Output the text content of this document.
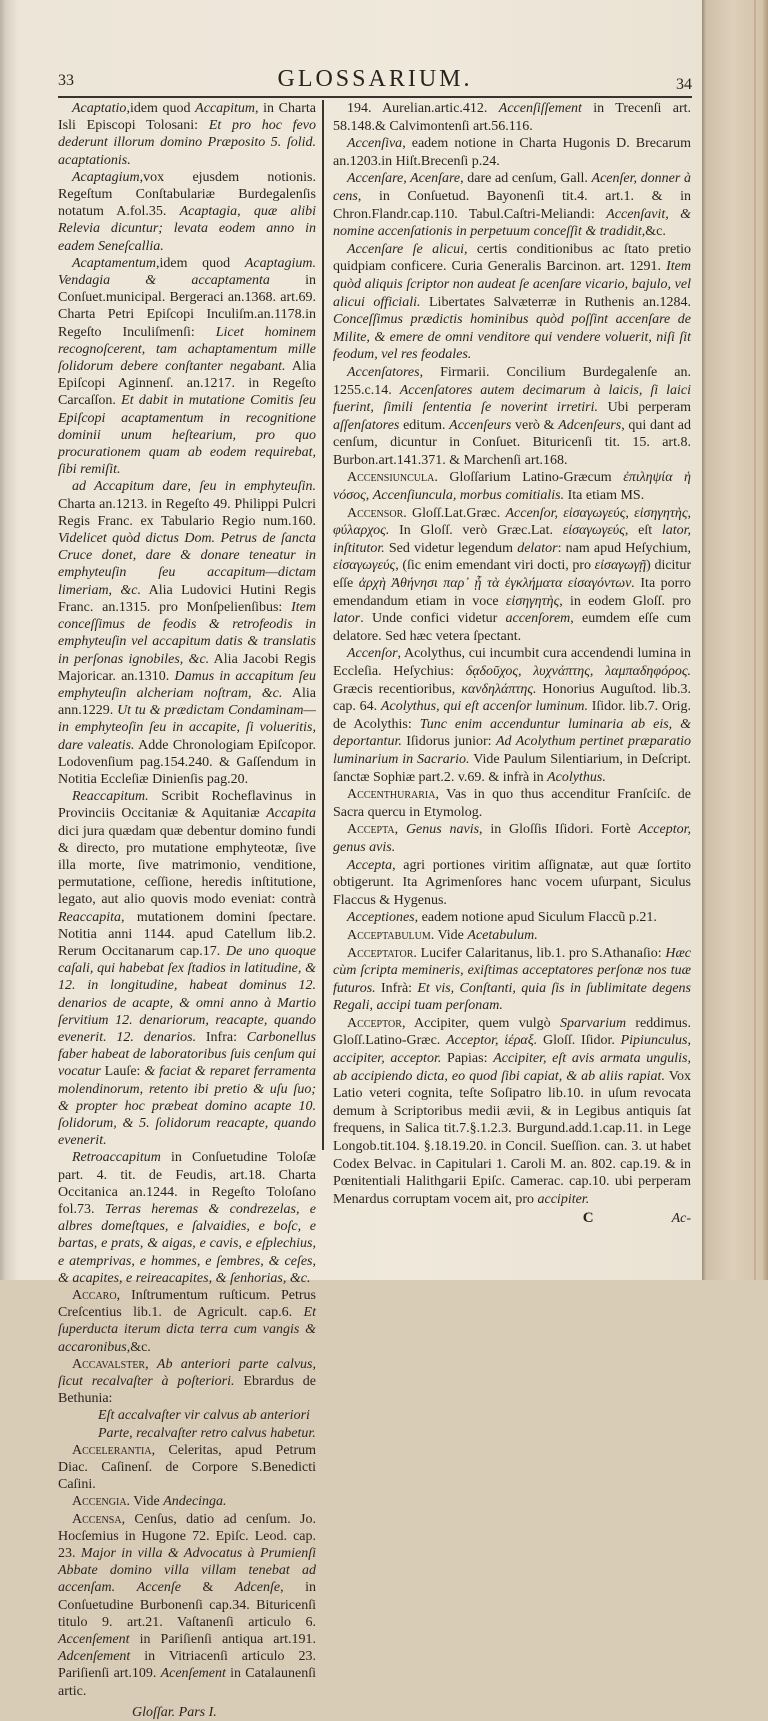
33	GLOSSARIUM.	34

Acaptatio,idem quod Accapitum, in Charta Isli Episcopi Tolosani: Et pro hoc fevo dederunt illorum domino Præposito 5. ſolid. acaptationis.

Acaptagium,vox ejusdem notionis. Regeſtum Conſtabulariæ Burdegalenſis notatum A.fol.35. Acaptagia, quæ alibi Relevia dicuntur; levata eodem anno in eadem Seneſcallia.

Acaptamentum,idem quod Acaptagium. Vendagia & accaptamenta in Conſuet.municipal. Bergeraci an.1368. art.69. Charta Petri Epiſcopi Inculiſm.an.1178.in Regeſto Inculiſmenſi: Licet hominem recognoſcerent, tam achaptamentum mille ſolidorum debere conſtanter negabant. Alia Epiſcopi Aginnenſ. an.1217. in Regeſto Carcaſſon. Et dabit in mutatione Comitis ſeu Epiſcopi acaptamentum in recognitione dominii unum heſtearium, pro quo procurationem quam ab eodem requirebat, ſibi remiſit.

ad Accapitum dare, ſeu in emphyteuſin. Charta an.1213. in Regeſto 49. Philippi Pulcri Regis Franc. ex Tabulario Regio num.160. Videlicet quòd dictus Dom. Petrus de ſancta Cruce donet, dare & donare teneatur in emphyteuſin ſeu accapitum—dictam limeriam, &c. Alia Ludovici Hutini Regis Franc. an.1315. pro Monſpelienſibus: Item conceſſimus de feodis & retrofeodis in emphyteuſin vel accapitum datis & translatis in perſonas ignobiles, &c. Alia Jacobi Regis Majoricar. an.1310. Damus in accapitum ſeu emphyteuſin alcheriam noſtram, &c. Alia ann.1229. Ut tu & prædictam Condaminam—in emphyteoſin ſeu in accapite, ſi volueritis, dare valeatis. Adde Chronologiam Epiſcopor. Lodovenſium pag.154.240. & Gaſſendum in Notitia Eccleſiæ Dinienſis pag.20.

Reaccapitum. Scribit Rocheflavinus in Provinciis Occitaniæ & Aquitaniæ Accapita dici jura quædam quæ debentur domino fundi & directo, pro mutatione emphyteotæ, ſive illa morte, ſive matrimonio, venditione, permutatione, ceſſione, heredis inſtitutione, legato, aut alio quovis modo eveniat: contrà Reaccapita, mutationem domini ſpectare. Notitia anni 1144. apud Catellum lib.2. Rerum Occitanarum cap.17. De uno quoque caſali, qui habebat ſex ſtadios in latitudine, & 12. in longitudine, habeat dominus 12. denarios de acapte, & omni anno à Martio ſervitium 12. denariorum, reacapte, quando evenerit. 12. denarios. Infra: Carbonellus faber habeat de laboratoribus ſuis cenſum qui vocatur Lauſe: & faciat & reparet ferramenta molendinorum, retento ibi pretio & uſu ſuo; & propter hoc præbeat domino acapte 10. ſolidorum, & 5. ſolidorum reacapte, quando evenerit.

Retroaccapitum in Conſuetudine Toloſæ part. 4. tit. de Feudis, art.18. Charta Occitanica an.1244. in Regeſto Toloſano fol.73. Terras heremas & condrezelas, e albres domeſtques, e ſalvaidies, e boſc, e bartas, e prats, & aigas, e cavis, e eſplechius, e atemprivas, e hommes, e ſembres, & ceſes, & acapites, e reireacapites, & ſenhorias, &c.

Accaro, Inſtrumentum ruſticum. Petrus Creſcentius lib.1. de Agricult. cap.6. Et ſuperducta iterum dicta terra cum vangis & accaronibus,&c.

Accavalster, Ab anteriori parte calvus, ſicut recalvaſter à poſteriori. Ebrardus de Bethunia:

Eſt accalvaſter vir calvus ab anteriori

Parte, recalvaſter retro calvus habetur.

Accelerantia, Celeritas, apud Petrum Diac. Caſinenſ. de Corpore S.Benedicti Caſini.

Accengia. Vide Andecinga.

Accensa, Cenſus, datio ad cenſum. Jo. Hocſemius in Hugone 72. Epiſc. Leod. cap. 23. Major in villa & Advocatus à Prumienſi Abbate domino villa villam tenebat ad accenſam. Accenſe & Adcenſe, in Conſuetudine Burbonenſi cap.34. Bituricenſi titulo 9. art.21. Vaſtanenſi articulo 6. Accenſement in Pariſienſi antiqua art.191. Adcenſement in Vitriacenſi articulo 23. Pariſienſi art.109. Acenſement in Catalaunenſi artic.

Gloſſar. Pars I.

194. Aurelian.artic.412. Accenſiſſement in Trecenſi art. 58.148.& Calvimontenſi art.56.116.

Accenſiva, eadem notione in Charta Hugonis D. Brecarum an.1203.in Hiſt.Brecenſi p.24.

Accenſare, Acenſare, dare ad cenſum, Gall. Acenſer, donner à cens, in Conſuetud. Bayonenſi tit.4. art.1. & in Chron.Flandr.cap.110. Tabul.Caſtri-Meliandi: Accenſavit, & nomine accenſationis in perpetuum conceſſit & tradidit,&c.

Accenſare ſe alicui, certis conditionibus ac ſtato pretio quidpiam conficere. Curia Generalis Barcinon. art. 1291. Item quòd aliquis ſcriptor non audeat ſe acenſare vicario, bajulo, vel alicui officiali. Libertates Salvæterræ in Ruthenis an.1284. Conceſſimus prædictis hominibus quòd poſſint accenſare de Milite, & emere de omni venditore qui vendere voluerit, niſi ſit feodum, vel res feodales.

Accenſatores, Firmarii. Concilium Burdegalenſe an. 1255.c.14. Accenſatores autem decimarum à laicis, ſi laici fuerint, ſimili ſententia ſe noverint irretiri. Ubi perperam aſſenſatores editum. Accenſeurs verò & Adcenſeurs, qui dant ad cenſum, dicuntur in Conſuet. Bituricenſi tit. 15. art.8. Burbon.art.141.371. & Marchenſi art.168.

Accensiuncula. Gloſſarium Latino-Græcum ἐπιληψία ἡ νόσος, Accenſiuncula, morbus comitialis. Ita etiam MS.

Accensor. Gloſſ.Lat.Græc. Accenſor, εἰσαγωγεύς, εἰσηγητὴς, φύλαρχος. In Gloſſ. verò Græc.Lat. εἰσαγωγεύς, eſt lator, inſtitutor. Sed videtur legendum delator: nam apud Heſychium, εἰσαγωγεύς, (ſic enim emendant viri docti, pro εἰσαγωγῇ) dicitur eſſe ἀρχὴ Ἀθήνησι παρ᾽ ᾗ τὰ ἐγκλήματα εἰσαγόντων. Ita porro emendandum etiam in voce εἰσηγητὴς, in eodem Gloſſ. pro lator. Unde confici videtur accenſorem, eumdem eſſe cum delatore. Sed hæc vetera ſpectant.

Accenſor, Acolythus, cui incumbit cura accendendi lumina in Eccleſia. Heſychius: δᾳδοῦχος, λυχνάπτης, λαμπαδηφόρος. Græcis recentioribus, κανδηλάπτης. Honorius Auguſtod. lib.3. cap. 64. Acolythus, qui eſt accenſor luminum. Iſidor. lib.7. Orig. de Acolythis: Tunc enim accenduntur luminaria ab eis, & deportantur. Iſidorus junior: Ad Acolythum pertinet præparatio luminarium in Sacrario. Vide Paulum Silentiarium, in Deſcript. ſanctæ Sophiæ part.2. v.69. & infrà in Acolythus.

Accenthuraria, Vas in quo thus accenditur Franſciſc. de Sacra quercu in Etymolog.

Accepta, Genus navis, in Gloſſis Iſidori. Fortè Acceptor, genus avis.

Accepta, agri portiones viritim aſſignatæ, aut quæ ſortito obtigerunt. Ita Agrimenſores hanc vocem uſurpant, Siculus Flaccus & Hygenus.

Acceptiones, eadem notione apud Siculum Flaccũ p.21.

Acceptabulum. Vide Acetabulum.

Acceptator. Lucifer Calaritanus, lib.1. pro S.Athanaſio: Hæc cùm ſcripta memineris, exiſtimas acceptatores perſonæ nos tuæ futuros. Infrà: Et vis, Conſtanti, quia ſis in ſublimitate degens Regali, accipi tuam perſonam.

Acceptor, Accipiter, quem vulgò Sparvarium reddimus. Gloſſ.Latino-Græc. Acceptor, ἱέραξ. Gloſſ. Iſidor. Pipiunculus, accipiter, acceptor. Papias: Accipiter, eſt avis armata ungulis, ab accipiendo dicta, eo quod ſibi capiat, & ab aliis rapiat. Vox Latio veteri cognita, teſte Soſipatro lib.10. in uſum revocata demum à Scriptoribus medii ævii, & in Legibus antiquis ſat frequens, in Salica tit.7.§.1.2.3. Burgund.add.1.cap.11. in Lege Longob.tit.104. §.18.19.20. in Concil. Sueſſion. can. 3. ut habet Codex Belvac. in Capitulari 1. Caroli M. an. 802. cap.19. & in Pœnitentiali Halithgarii Epiſc. Camerac. cap.10. ubi perperam Menardus corruptam vocem ait, pro accipiter.

C	Ac-
